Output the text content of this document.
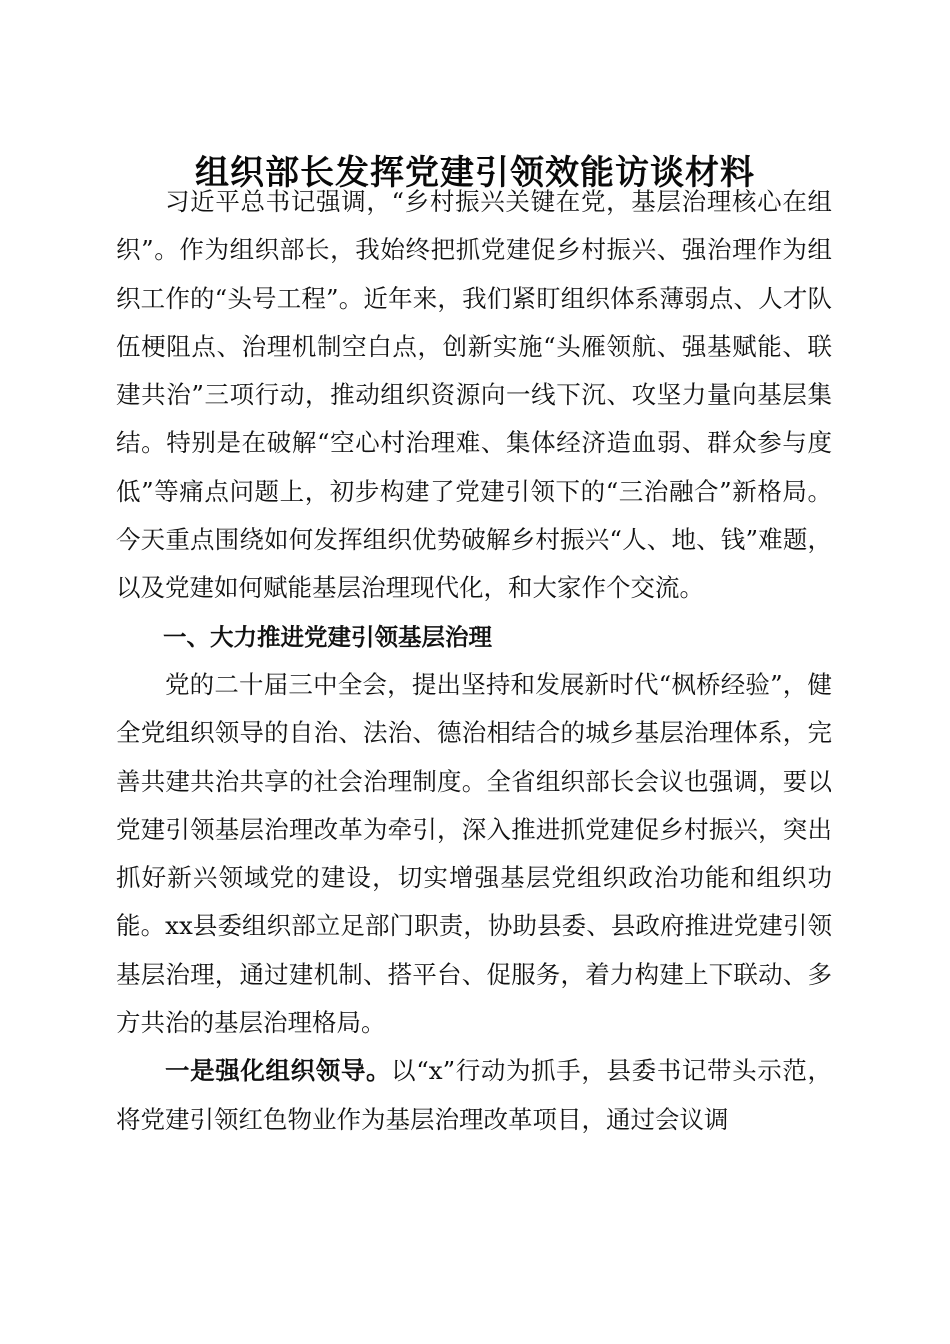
组织部长发挥党建引领效能访谈材料

习近平总书记强调，“乡村振兴关键在党，基层治理核心在组织”。作为组织部长，我始终把抓党建促乡村振兴、强治理作为组织工作的“头号工程”。近年来，我们紧盯组织体系薄弱点、人才队伍梗阻点、治理机制空白点，创新实施“头雁领航、强基赋能、联建共治”三项行动，推动组织资源向一线下沉、攻坚力量向基层集结。特别是在破解“空心村治理难、集体经济造血弱、群众参与度低”等痛点问题上，初步构建了党建引领下的“三治融合”新格局。今天重点围绕如何发挥组织优势破解乡村振兴“人、地、钱”难题，以及党建如何赋能基层治理现代化，和大家作个交流。

一、大力推进党建引领基层治理

党的二十届三中全会，提出坚持和发展新时代“枫桥经验”，健全党组织领导的自治、法治、德治相结合的城乡基层治理体系，完善共建共治共享的社会治理制度。全省组织部长会议也强调，要以党建引领基层治理改革为牵引，深入推进抓党建促乡村振兴，突出抓好新兴领域党的建设，切实增强基层党组织政治功能和组织功能。xx县委组织部立足部门职责，协助县委、县政府推进党建引领基层治理，通过建机制、搭平台、促服务，着力构建上下联动、多方共治的基层治理格局。

一是强化组织领导。以“x”行动为抓手，县委书记带头示范，将党建引领红色物业作为基层治理改革项目，通过会议调
